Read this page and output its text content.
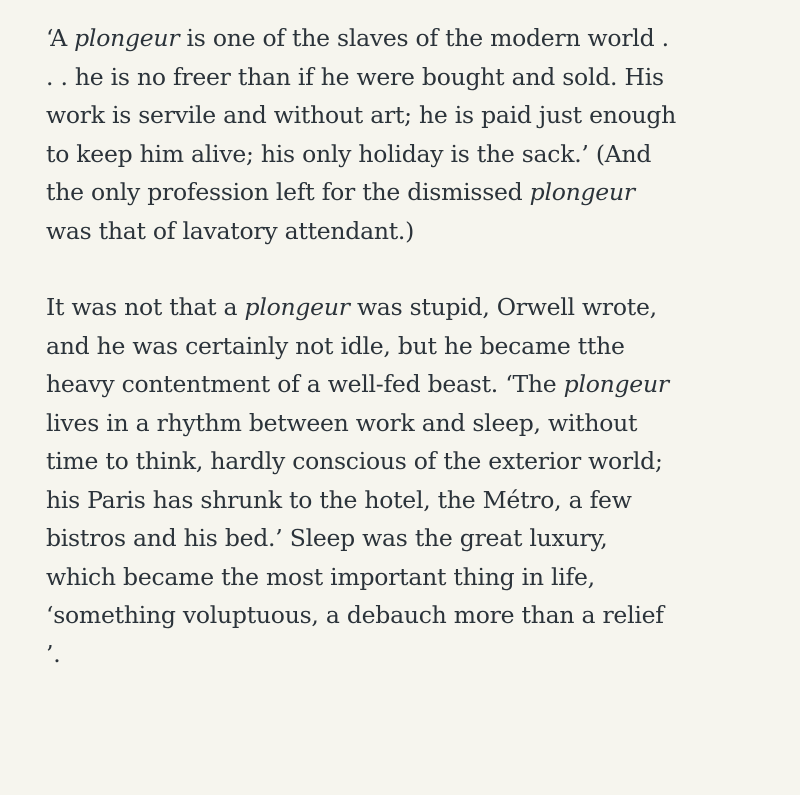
‘A plongeur is one of the slaves of the modern world .
. . he is no freer than if he were bought and sold. His
work is servile and without art; he is paid just enough
to keep him alive; his only holiday is the sack.’ (And
the only profession left for the dismissed plongeur
was that of lavatory attendant.)

It was not that a plongeur was stupid, Orwell wrote,
and he was certainly not idle, but he became tthe
heavy contentment of a well-fed beast. ‘The plongeur
lives in a rhythm between work and sleep, without
time to think, hardly conscious of the exterior world;
his Paris has shrunk to the hotel, the Métro, a few
bistros and his bed.’ Sleep was the great luxury,
which became the most important thing in life,
‘something voluptuous, a debauch more than a relief
’.
